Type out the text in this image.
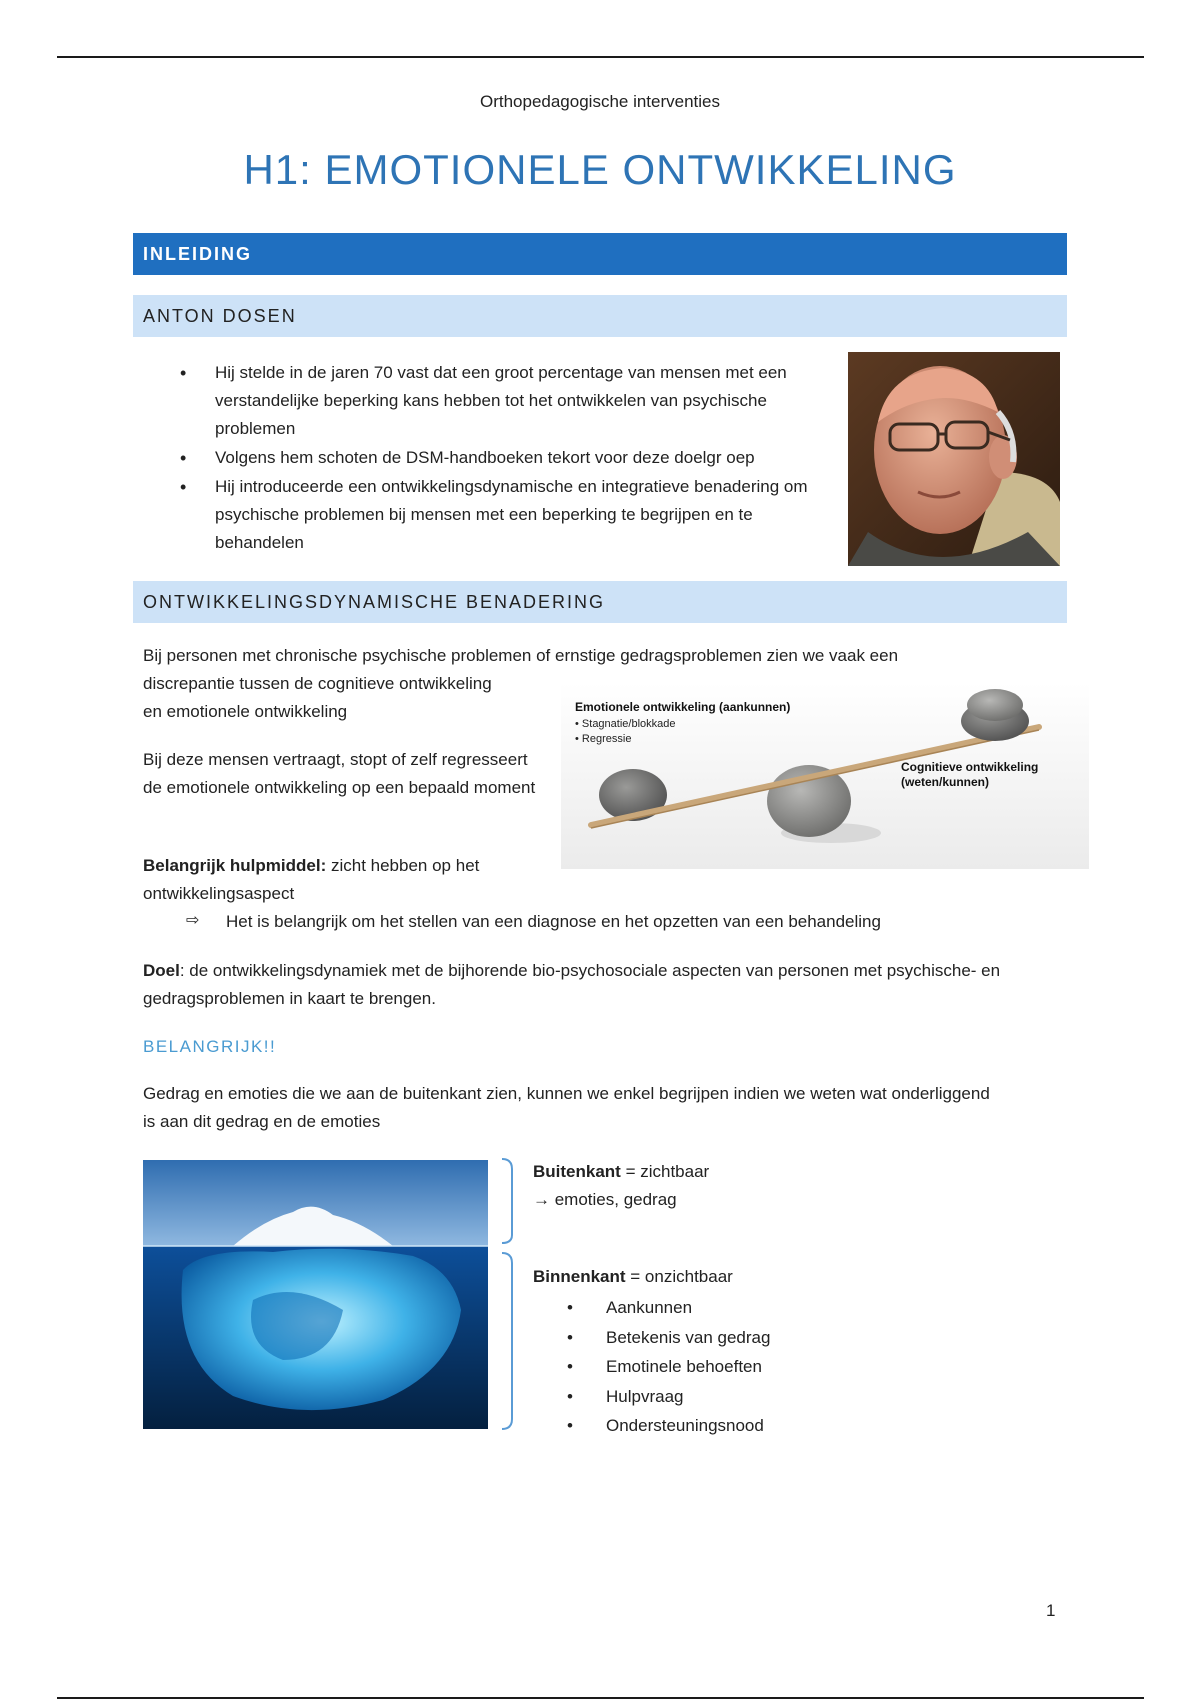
Orthopedagogische interventies
H1: EMOTIONELE ONTWIKKELING
INLEIDING
ANTON DOSEN
• Hij stelde in de jaren 70 vast dat een groot percentage van mensen met een verstandelijke beperking kans hebben tot het ontwikkelen van psychische problemen
• Volgens hem schoten de DSM-handboeken tekort voor deze doelgr oep
• Hij introduceerde een ontwikkelingsdynamische en integratieve benadering om psychische problemen bij mensen met een beperking te begrijpen en te behandelen
ONTWIKKELINGSDYNAMISCHE BENADERING
Bij personen met chronische psychische problemen of ernstige gedragsproblemen zien we vaak een
discrepantie tussen de cognitieve ontwikkeling
en emotionele ontwikkeling
Bij deze mensen vertraagt, stopt of zelf regresseert de emotionele ontwikkeling op een bepaald moment
Belangrijk hulpmiddel: zicht hebben op het ontwikkelingsaspect
⇨ Het is belangrijk om het stellen van een diagnose en het opzetten van een behandeling
Doel: de ontwikkelingsdynamiek met de bijhorende bio-psychosociale aspecten van personen met psychische- en gedragsproblemen in kaart te brengen.
Emotionele ontwikkeling (aankunnen)
• Stagnatie/blokkade
• Regressie
Cognitieve ontwikkeling
(weten/kunnen)
BELANGRIJK!!
Gedrag en emoties die we aan de buitenkant zien, kunnen we enkel begrijpen indien we weten wat onderliggend is aan dit gedrag en de emoties
Buitenkant = zichtbaar
→ emoties, gedrag
Binnenkant = onzichtbaar
• Aankunnen
• Betekenis van gedrag
• Emotinele behoeften
• Hulpvraag
• Ondersteuningsnood
1
